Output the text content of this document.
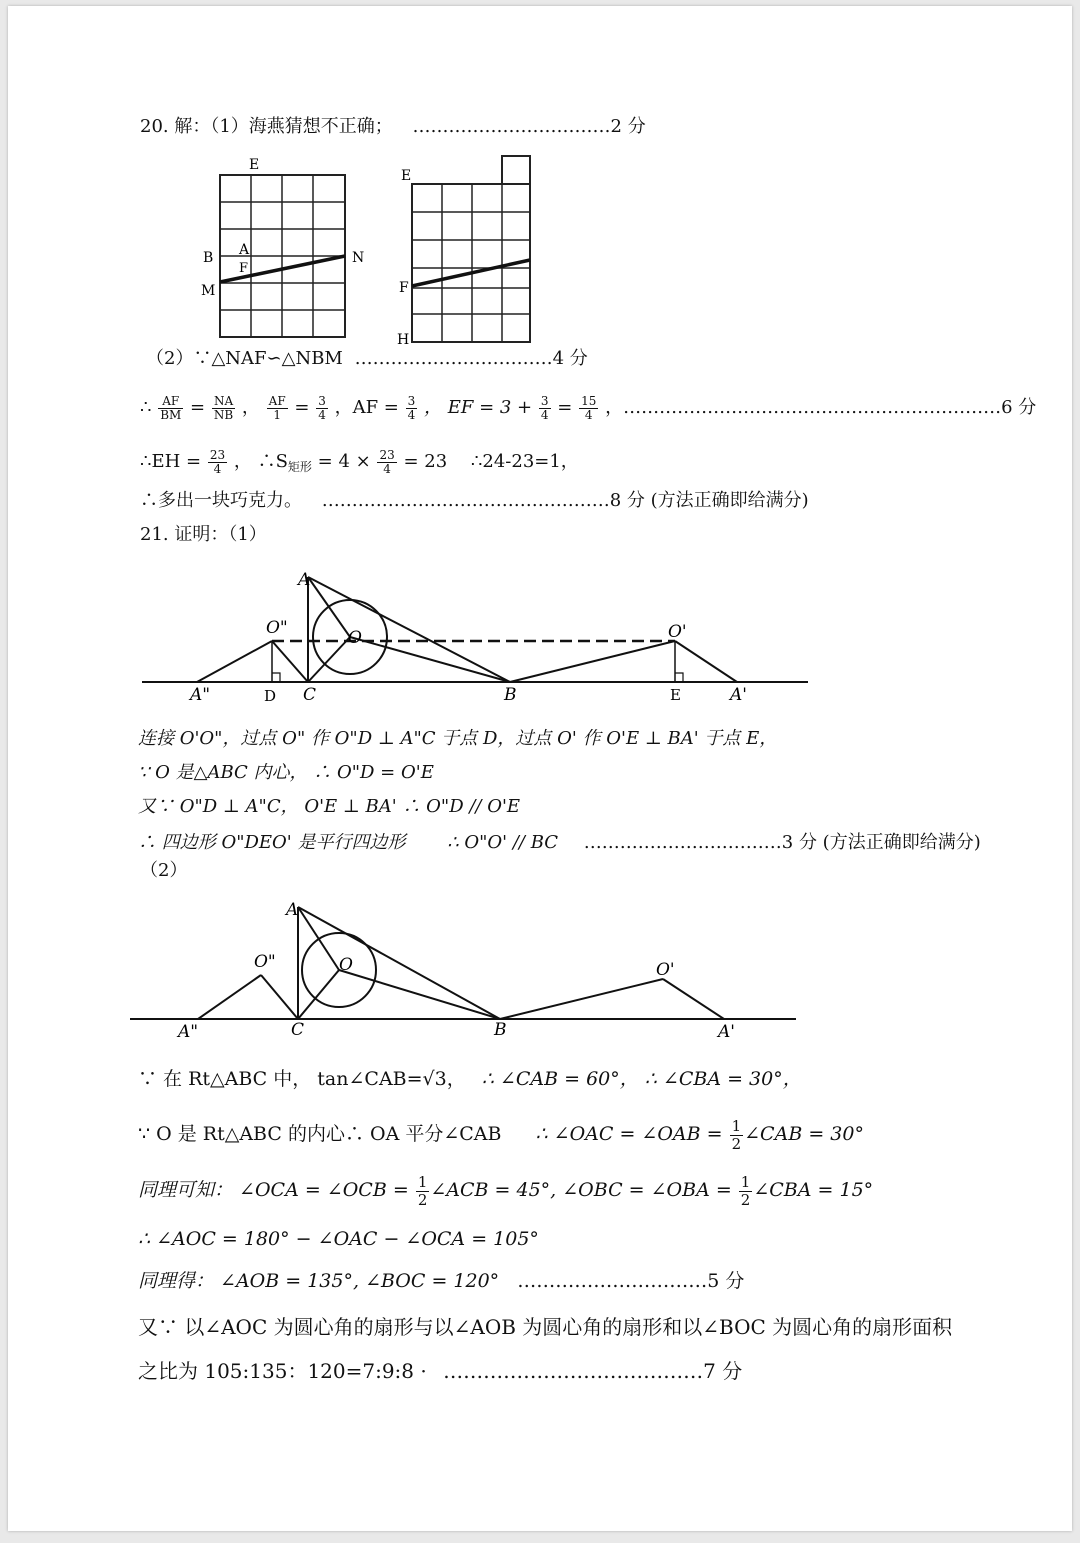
20. 解：（1）海燕猜想不正确； ……………………………2 分
E
B A
F
M
N
E
F
H
（2）∵△NAF∽△NBM ……………………………4 分
∴ $\frac{AF}{BM} = \frac{NA}{NB}$ ， $\frac{AF}{1} = \frac{3}{4}$ ，AF = $\frac{3}{4}$ ， EF = $3 + \frac{3}{4} = \frac{15}{4}$ ，………………………………………………………6 分
∴EH = $\frac{23}{4}$ ， $\therefore S_{矩形} = 4 \times \frac{23}{4} = 23$ ∴24-23=1，
∴多出一块巧克力。 …………………………………………8 分 (方法正确即给满分)
21. 证明：（1）
A
O
O"	O'
A"	D C	B	E	A'
连接 O'O"，过点 O" 作 O"D ⊥ A"C 于点 D，过点 O' 作 O'E ⊥ BA' 于点 E，
∵ O 是△ABC 内心， ∴ O"D = O'E
又∵ O"D ⊥ A"C， O'E ⊥ BA' ∴ O"D // O'E
∴ 四边形 O"DEO' 是平行四边形 ∴ O"O' // BC ……………………………3 分 (方法正确即给满分)
（2）
A
O
O"	O'
A"	C	B	A'
∵ 在 Rt△ABC 中， tan∠CAB=√3， ∴ ∠CAB = 60°， ∴ ∠CBA = 30°，
∵ O 是 Rt△ABC 的内心∴ OA 平分∠CAB ∴ ∠OAC = ∠OAB = $\frac{1}{2}$ ∠CAB = 30°
同理可知： ∠OCA = ∠OCB = $\frac{1}{2}$ ∠ACB = 45°, ∠OBC = ∠OBA = $\frac{1}{2}$ ∠CBA = 15°
∴ ∠AOC = 180° − ∠OAC − ∠OCA = 105°
同理得： ∠AOB = 135°, ∠BOC = 120° …………………………5 分
又∵ 以∠AOC 为圆心角的扇形与以∠AOB 为圆心角的扇形和以∠BOC 为圆心角的扇形面积
之比为 105:135：120=7:9:8 · …………………………………7 分
